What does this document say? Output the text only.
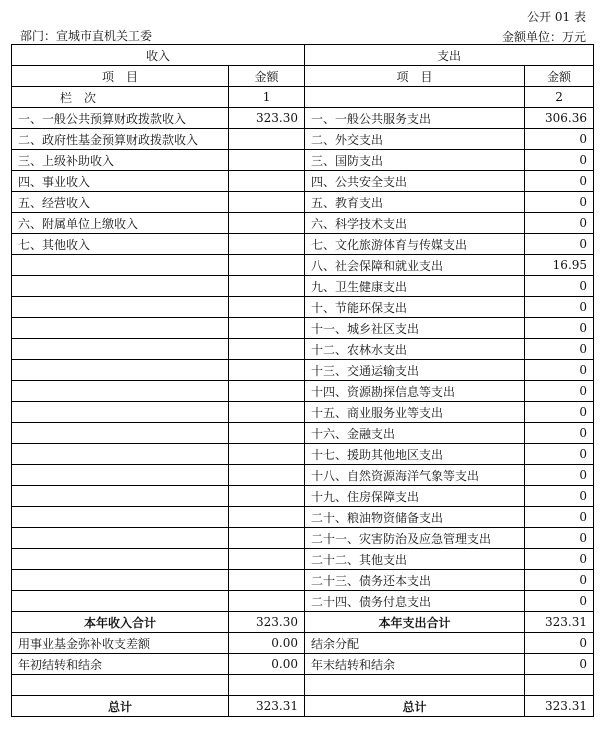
公开 01 表
部门：宣城市直机关工委	金额单位：万元
收入		支出	
项　目	金额	项　目	金额
栏　次	1		2
一、一般公共预算财政拨款收入	323.30	一、一般公共服务支出	306.36
二、政府性基金预算财政拨款收入		二、外交支出	0
三、上级补助收入		三、国防支出	0
四、事业收入		四、公共安全支出	0
五、经营收入		五、教育支出	0
六、附属单位上缴收入		六、科学技术支出	0
七、其他收入		七、文化旅游体育与传媒支出	0
		八、社会保障和就业支出	16.95
		九、卫生健康支出	0
		十、节能环保支出	0
		十一、城乡社区支出	0
		十二、农林水支出	0
		十三、交通运输支出	0
		十四、资源勘探信息等支出	0
		十五、商业服务业等支出	0
		十六、金融支出	0
		十七、援助其他地区支出	0
		十八、自然资源海洋气象等支出	0
		十九、住房保障支出	0
		二十、粮油物资储备支出	0
		二十一、灾害防治及应急管理支出	0
		二十二、其他支出	0
		二十三、债务还本支出	0
		二十四、债务付息支出	0
本年收入合计	323.30	本年支出合计	323.31
用事业基金弥补收支差额	0.00	结余分配	0
年初结转和结余	0.00	年末结转和结余	0

总计	323.31	总计	323.31
